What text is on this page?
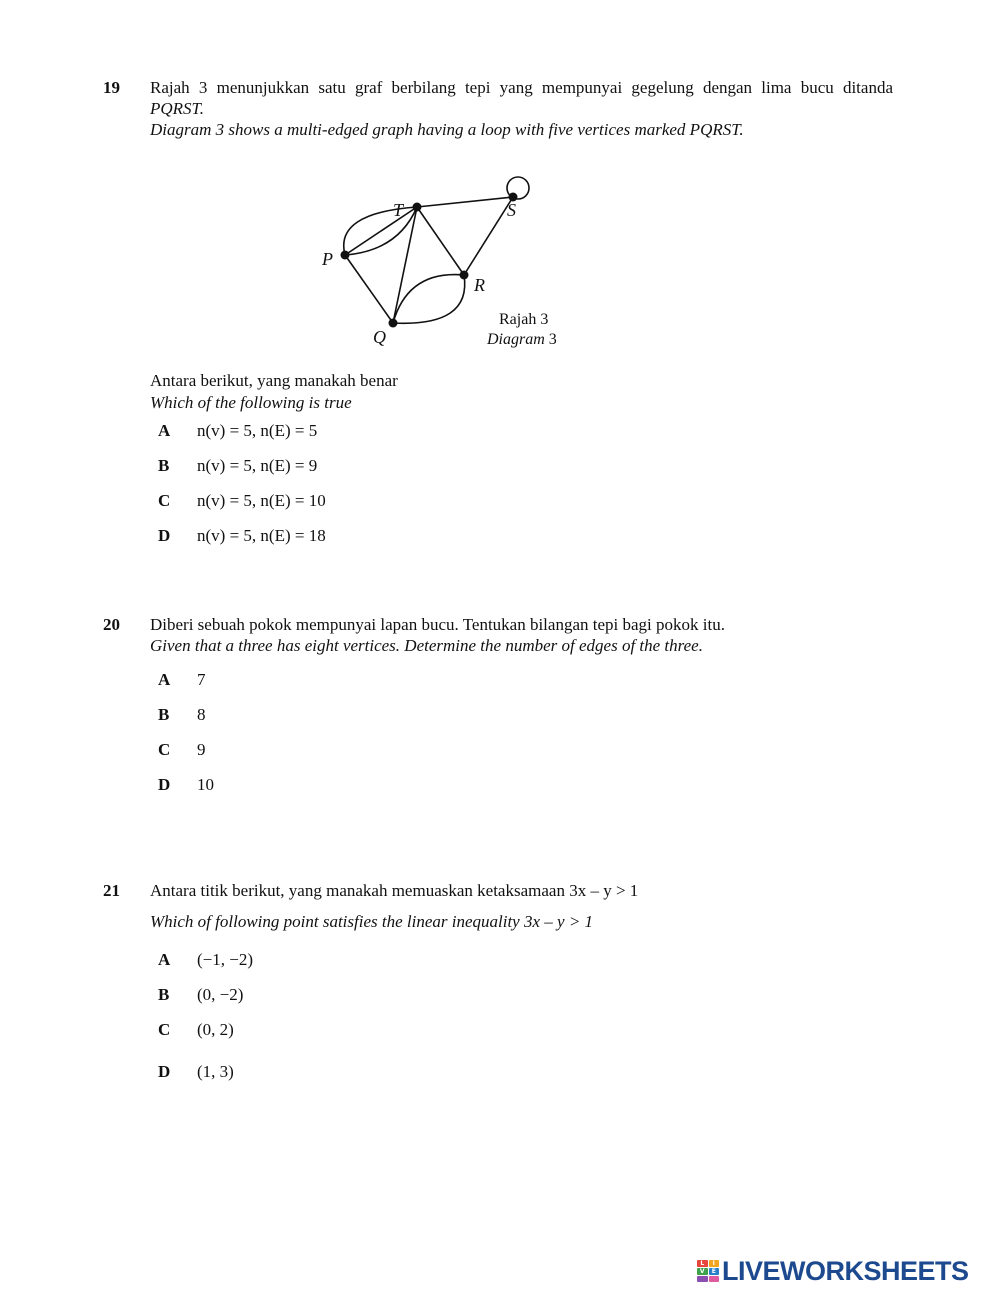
19 Rajah 3 menunjukkan satu graf berbilang tepi yang mempunyai gegelung dengan lima bucu ditanda
PQRST.
Diagram 3 shows a multi-edged graph having a loop with five vertices marked PQRST.
P
Q
R
S
T
Rajah 3
Diagram 3
Antara berikut, yang manakah benar
Which of the following is true
A n(v) = 5, n(E) = 5
B n(v) = 5, n(E) = 9
C n(v) = 5, n(E) = 10
D n(v) = 5, n(E) = 18
20 Diberi sebuah pokok mempunyai lapan bucu. Tentukan bilangan tepi bagi pokok itu.
Given that a three has eight vertices. Determine the number of edges of the three.
A 7
B 8
C 9
D 10
21 Antara titik berikut, yang manakah memuaskan ketaksamaan 3x – y > 1
Which of following point satisfies the linear inequality 3x – y > 1
A (−1, −2)
B (0, −2)
C (0, 2)
D (1, 3)
L	I
V	E LIVEWORKSHEETS
